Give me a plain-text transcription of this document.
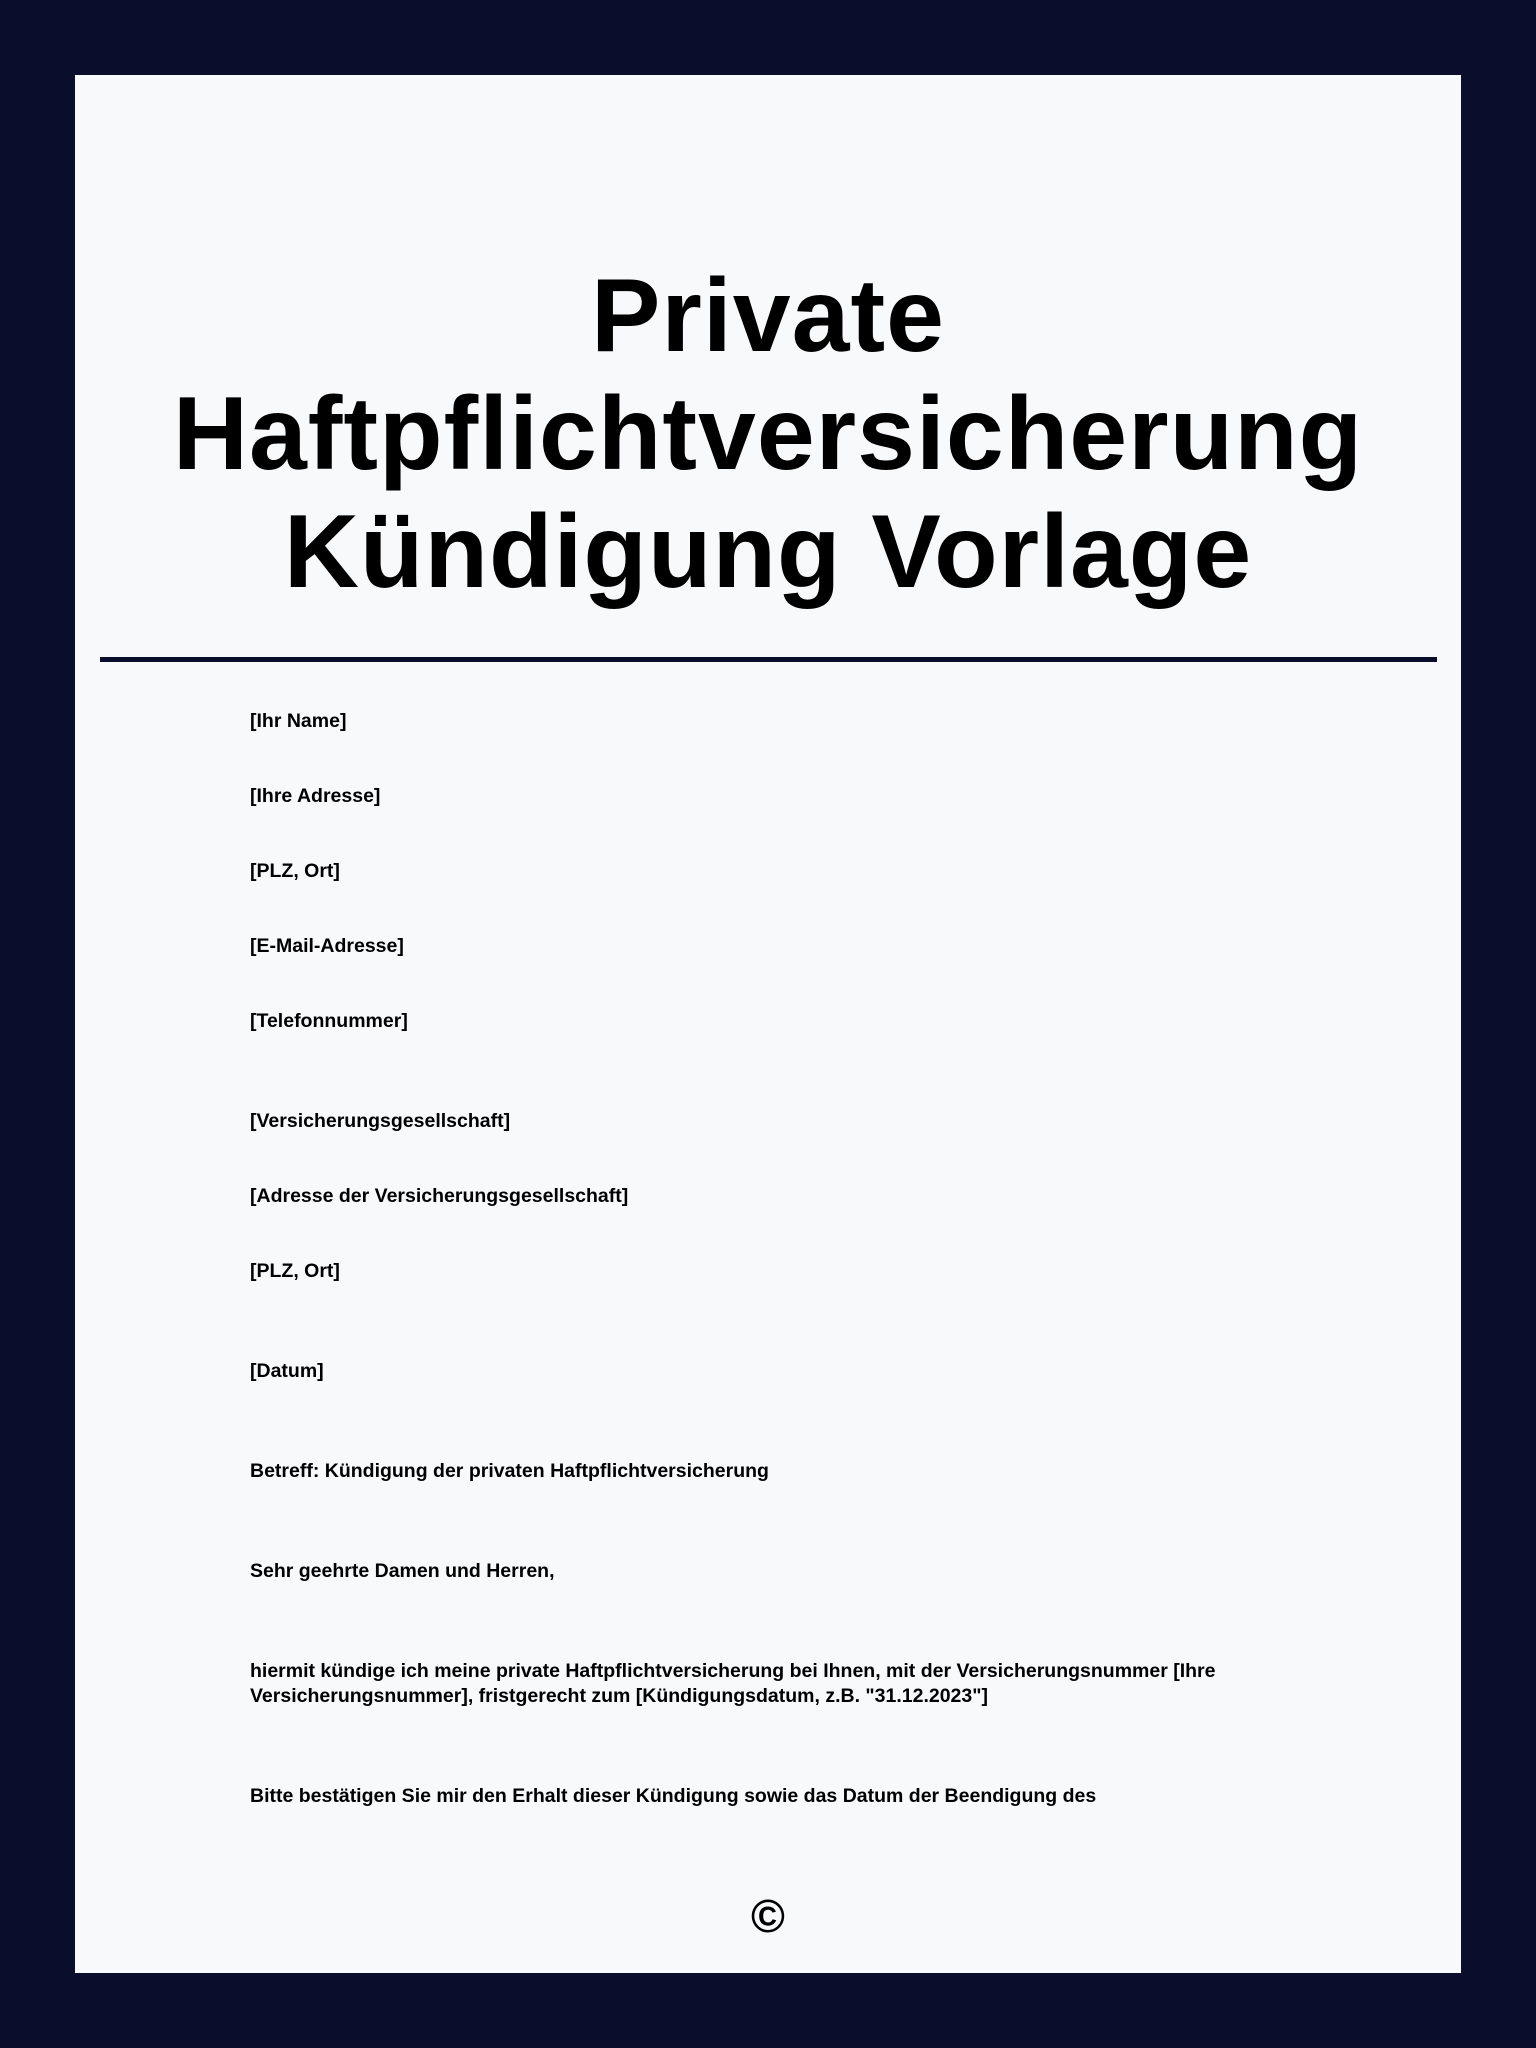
Private
Haftpflichtversicherung
Kündigung Vorlage
[Ihr Name]
[Ihre Adresse]
[PLZ, Ort]
[E-Mail-Adresse]
[Telefonnummer]
[Versicherungsgesellschaft]
[Adresse der Versicherungsgesellschaft]
[PLZ, Ort]
[Datum]
Betreff: Kündigung der privaten Haftpflichtversicherung
Sehr geehrte Damen und Herren,
hiermit kündige ich meine private Haftpflichtversicherung bei Ihnen, mit der Versicherungsnummer [Ihre Versicherungsnummer], fristgerecht zum [Kündigungsdatum, z.B. "31.12.2023"]
Bitte bestätigen Sie mir den Erhalt dieser Kündigung sowie das Datum der Beendigung des
©
